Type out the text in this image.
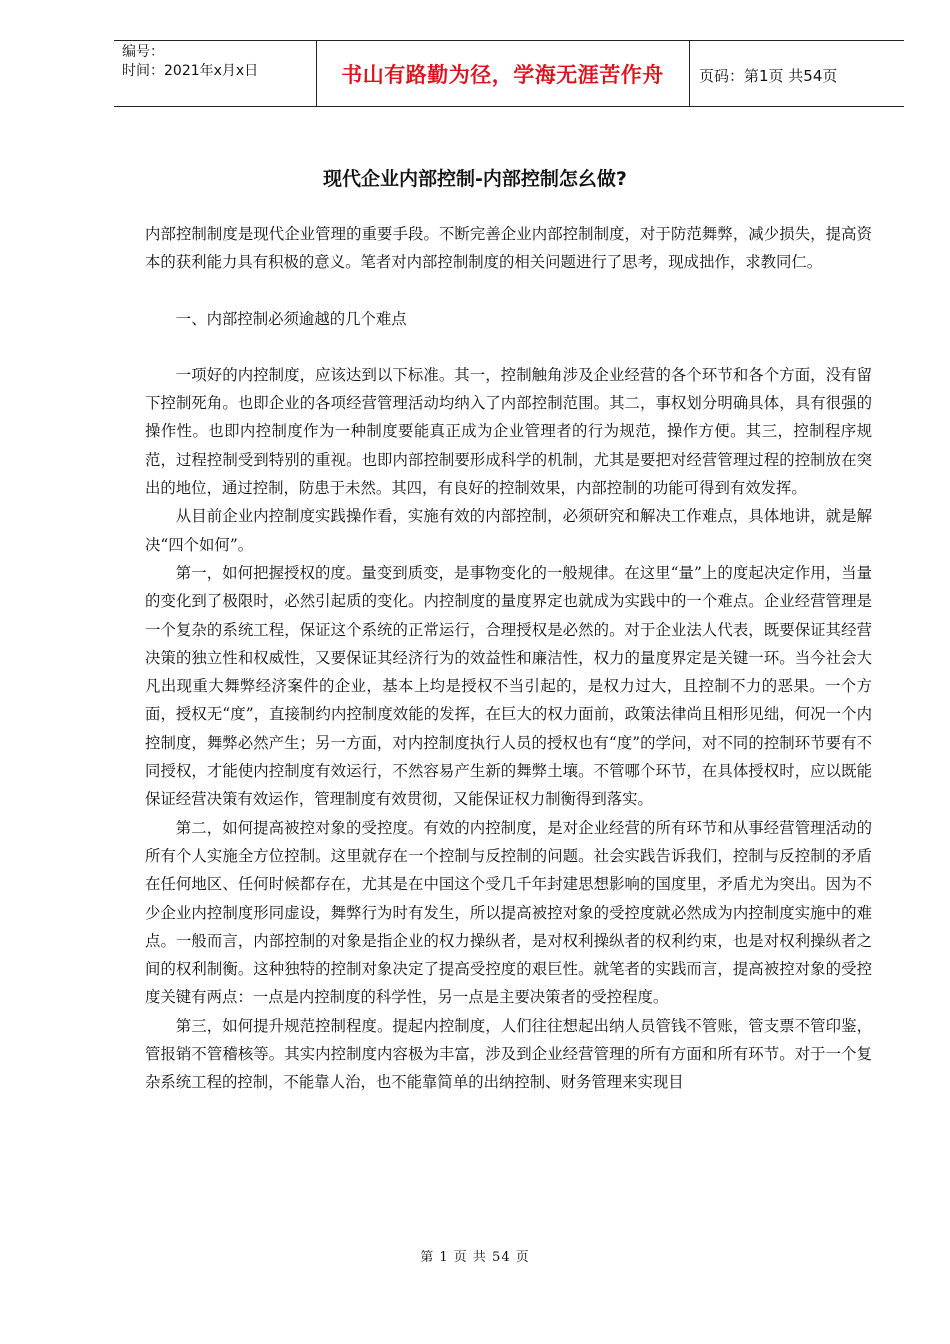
编号：
时间：2021年x月x日	书山有路勤为径，学海无涯苦作舟	页码：第1页 共54页
现代企业内部控制-内部控制怎幺做?

内部控制制度是现代企业管理的重要手段。不断完善企业内部控制制度，对于防范舞弊，减少损失，提高资本的获利能力具有积极的意义。笔者对内部控制制度的相关问题进行了思考，现成拙作，求教同仁。

一、内部控制必须逾越的几个难点

一项好的内控制度，应该达到以下标准。其一，控制触角涉及企业经营的各个环节和各个方面，没有留下控制死角。也即企业的各项经营管理活动均纳入了内部控制范围。其二，事权划分明确具体，具有很强的操作性。也即内控制度作为一种制度要能真正成为企业管理者的行为规范，操作方便。其三，控制程序规范，过程控制受到特别的重视。也即内部控制要形成科学的机制，尤其是要把对经营管理过程的控制放在突出的地位，通过控制，防患于未然。其四，有良好的控制效果，内部控制的功能可得到有效发挥。

从目前企业内控制度实践操作看，实施有效的内部控制，必须研究和解决工作难点，具体地讲，就是解决“四个如何”。

第一，如何把握授权的度。量变到质变，是事物变化的一般规律。在这里“量”上的度起决定作用，当量的变化到了极限时，必然引起质的变化。内控制度的量度界定也就成为实践中的一个难点。企业经营管理是一个复杂的系统工程，保证这个系统的正常运行，合理授权是必然的。对于企业法人代表，既要保证其经营决策的独立性和权威性，又要保证其经济行为的效益性和廉洁性，权力的量度界定是关键一环。当今社会大凡出现重大舞弊经济案件的企业，基本上均是授权不当引起的，是权力过大，且控制不力的恶果。一个方面，授权无“度”，直接制约内控制度效能的发挥，在巨大的权力面前，政策法律尚且相形见绌，何况一个内控制度，舞弊必然产生；另一方面，对内控制度执行人员的授权也有“度”的学问，对不同的控制环节要有不同授权，才能使内控制度有效运行，不然容易产生新的舞弊土壤。不管哪个环节，在具体授权时，应以既能保证经营决策有效运作，管理制度有效贯彻，又能保证权力制衡得到落实。

第二，如何提高被控对象的受控度。有效的内控制度，是对企业经营的所有环节和从事经营管理活动的所有个人实施全方位控制。这里就存在一个控制与反控制的问题。社会实践告诉我们，控制与反控制的矛盾在任何地区、任何时候都存在，尤其是在中国这个受几千年封建思想影响的国度里，矛盾尤为突出。因为不少企业内控制度形同虚设，舞弊行为时有发生，所以提高被控对象的受控度就必然成为内控制度实施中的难点。一般而言，内部控制的对象是指企业的权力操纵者，是对权利操纵者的权利约束，也是对权利操纵者之间的权利制衡。这种独特的控制对象决定了提高受控度的艰巨性。就笔者的实践而言，提高被控对象的受控度关键有两点：一点是内控制度的科学性，另一点是主要决策者的受控程度。

第三，如何提升规范控制程度。提起内控制度，人们往往想起出纳人员管钱不管账，管支票不管印鉴，管报销不管稽核等。其实内控制度内容极为丰富，涉及到企业经营管理的所有方面和所有环节。对于一个复杂系统工程的控制，不能靠人治，也不能靠简单的出纳控制、财务管理来实现目

第 1 页 共 54 页
